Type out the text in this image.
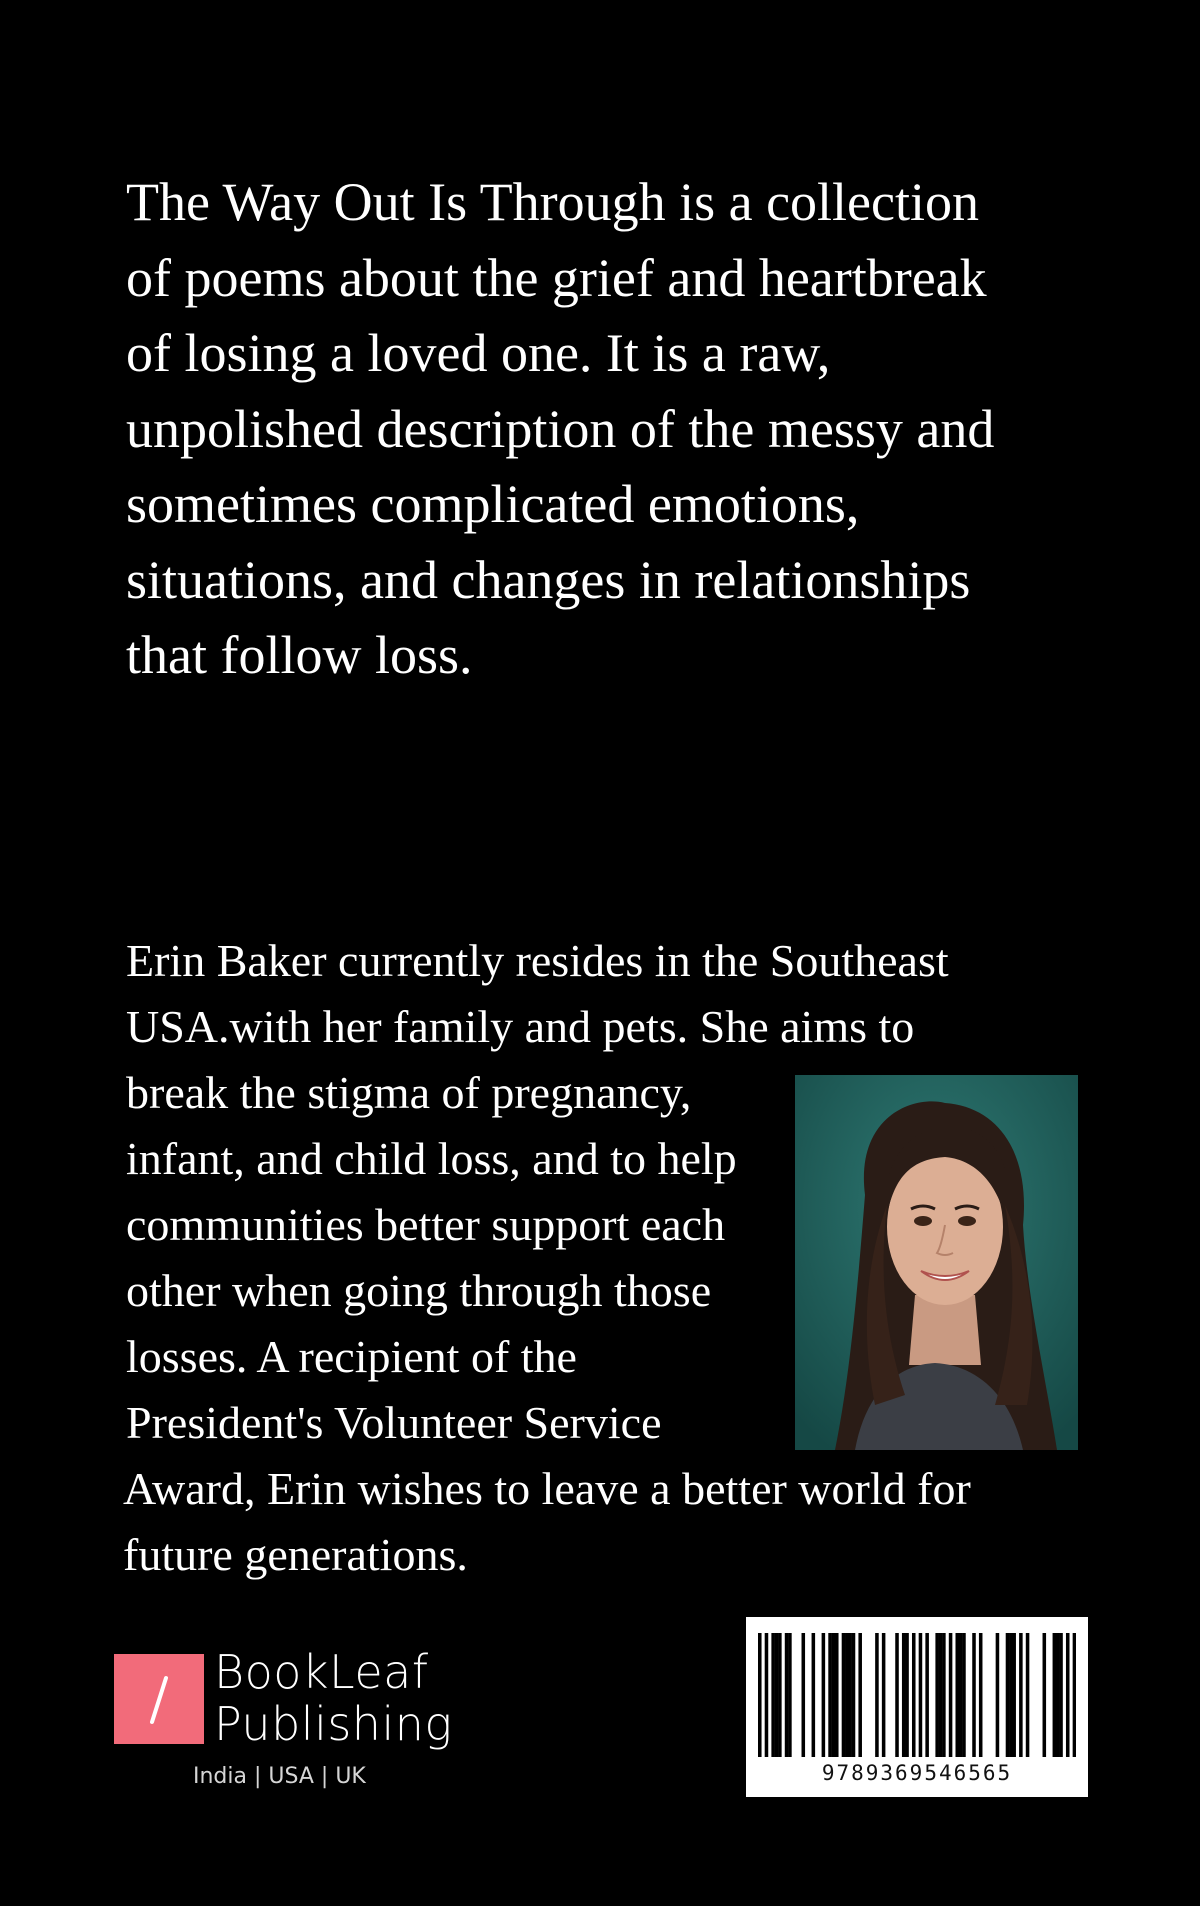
The Way Out Is Through is a collection
of poems about the grief and heartbreak
of losing a loved one. It is a raw,
unpolished description of the messy and
sometimes complicated emotions,
situations, and changes in relationships
that follow loss.

Erin Baker currently resides in the Southeast

USA.with her family and pets. She aims to

break the stigma of pregnancy,

infant, and child loss, and to help

communities better support each

other when going through those

losses. A recipient of the

President's Volunteer Service

Award, Erin wishes to leave a better world for

future generations.

BookLeaf
Publishing

India | USA | UK	9789369546565
